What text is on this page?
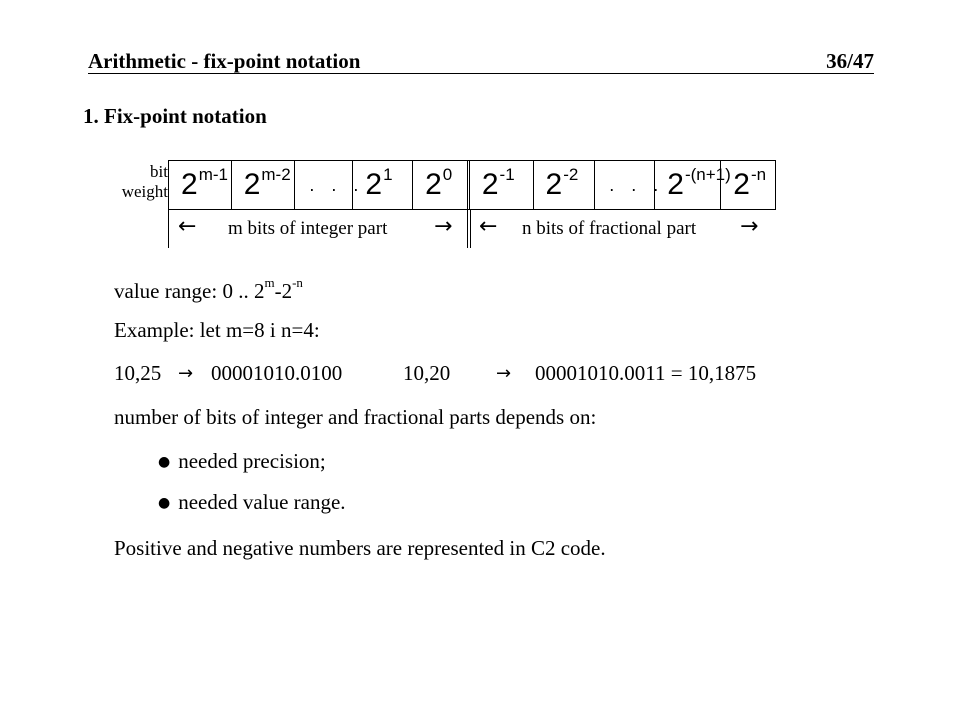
Arithmetic - fix-point notation	36/47
1. Fix-point notation
bit
weight 2$^{m-1}$ 2$^{m-2}$	. . . $2^1$ $2^0$ $2^{-1}$ $2^{-2}$	. . . $2^{-(n+1)}$ $2^{-n}$
← m bits of integer part → ← n bits of fractional part →
value range: 0 .. $2^m-2^{-n}$
Example: let m=8 i n=4:
10,25 → 00001010.0100	10,20	→ 00001010.0011 = 10,1875
number of bits of integer and fractional parts depends on:
● needed precision;
● needed value range.
Positive and negative numbers are represented in C2 code.
